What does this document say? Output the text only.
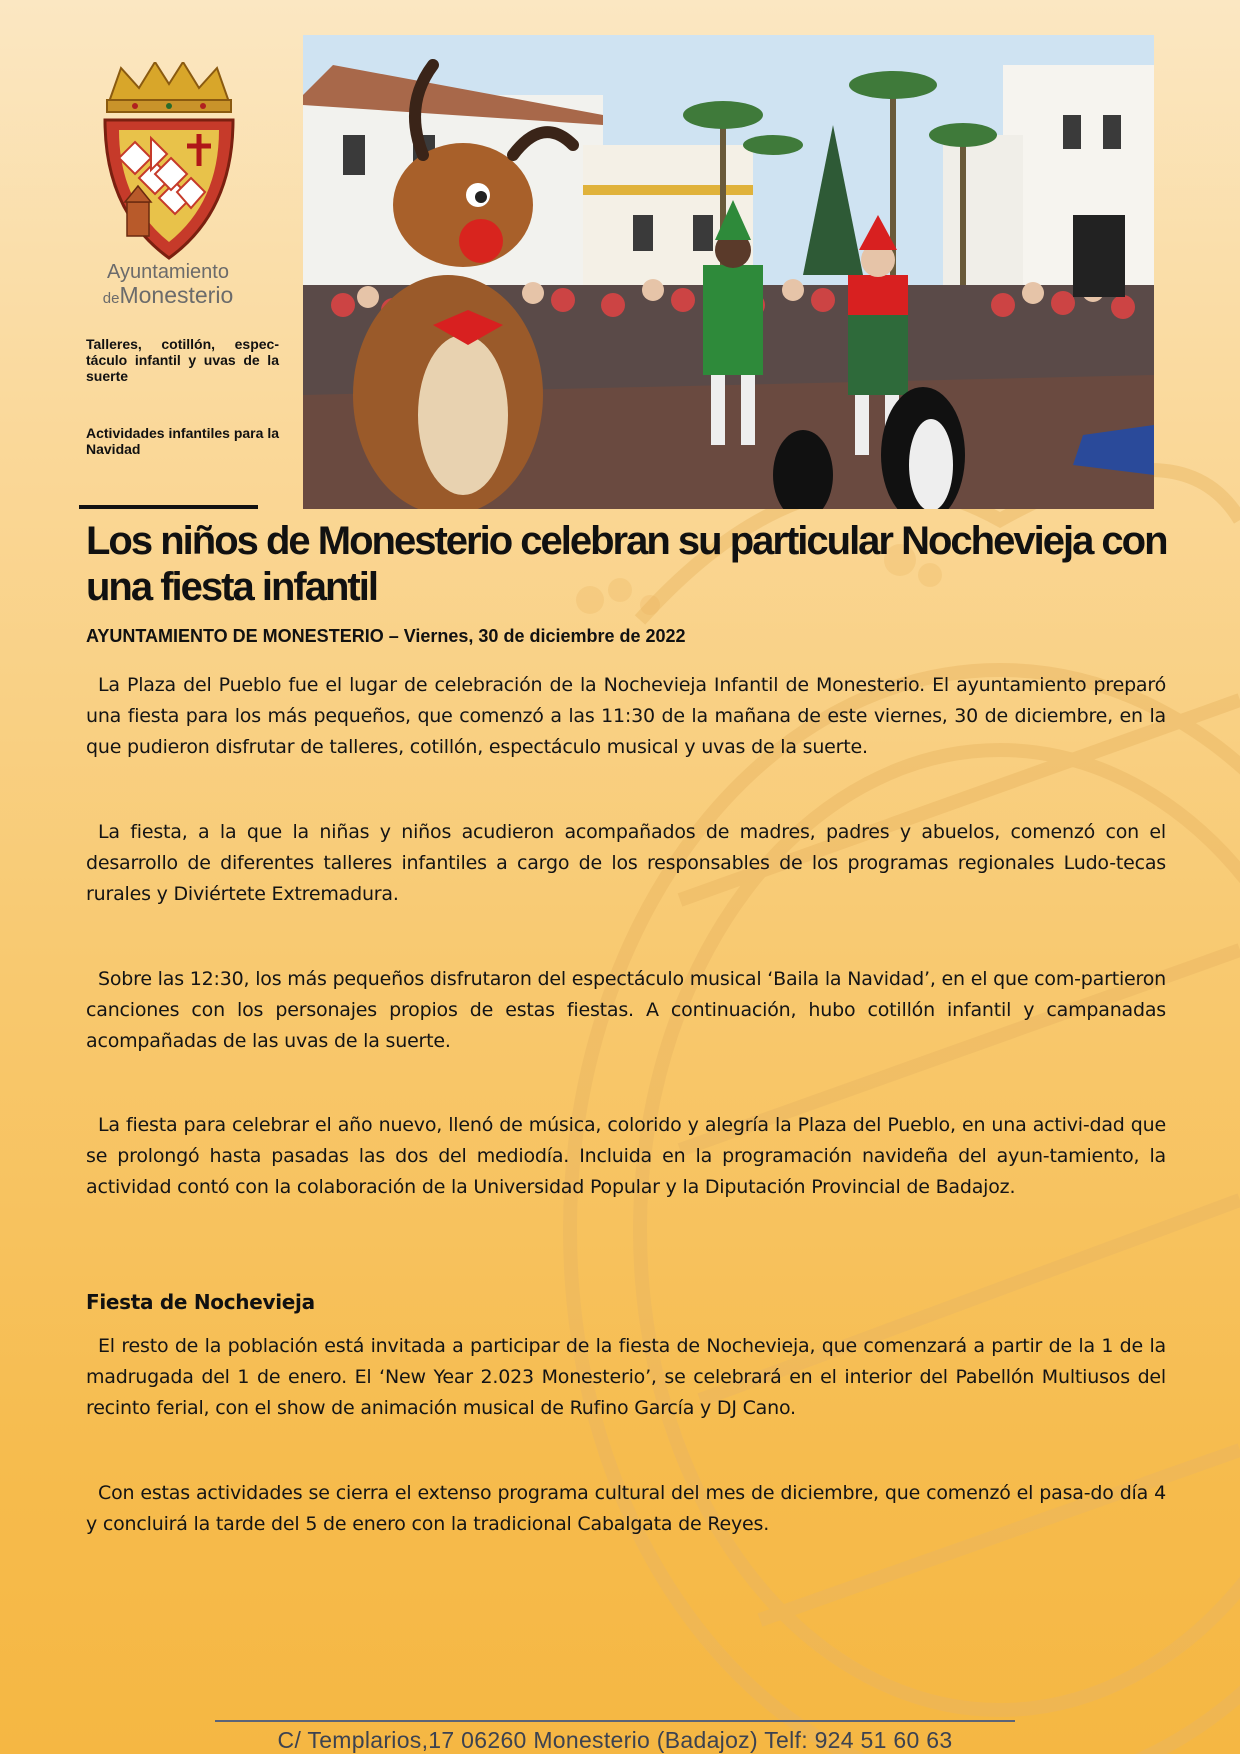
Ayuntamiento
deMonesterio
Talleres, cotillón, espec-táculo infantil y uvas de la suerte
Actividades infantiles para la Navidad
Los niños de Monesterio celebran su particular Nochevieja con una fiesta infantil
AYUNTAMIENTO DE MONESTERIO – Viernes, 30 de diciembre de 2022

La Plaza del Pueblo fue el lugar de celebración de la Nochevieja Infantil de Monesterio. El ayuntamiento preparó una fiesta para los más pequeños, que comenzó a las 11:30 de la mañana de este viernes, 30 de diciembre, en la que pudieron disfrutar de talleres, cotillón, espectáculo musical y uvas de la suerte.

La fiesta, a la que la niñas y niños acudieron acompañados de madres, padres y abuelos, comenzó con el desarrollo de diferentes talleres infantiles a cargo de los responsables de los programas regionales Ludo-tecas rurales y Diviértete Extremadura.

Sobre las 12:30, los más pequeños disfrutaron del espectáculo musical ‘Baila la Navidad’, en el que com-partieron canciones con los personajes propios de estas fiestas. A continuación, hubo cotillón infantil y campanadas acompañadas de las uvas de la suerte.

La fiesta para celebrar el año nuevo, llenó de música, colorido y alegría la Plaza del Pueblo, en una activi-dad que se prolongó hasta pasadas las dos del mediodía. Incluida en la programación navideña del ayun-tamiento, la actividad contó con la colaboración de la Universidad Popular y la Diputación Provincial de Badajoz.

Fiesta de Nochevieja

El resto de la población está invitada a participar de la fiesta de Nochevieja, que comenzará a partir de la 1 de la madrugada del 1 de enero. El ‘New Year 2.023 Monesterio’, se celebrará en el interior del Pabellón Multiusos del recinto ferial, con el show de animación musical de Rufino García y DJ Cano.

Con estas actividades se cierra el extenso programa cultural del mes de diciembre, que comenzó el pasa-do día 4 y concluirá la tarde del 5 de enero con la tradicional Cabalgata de Reyes.

C/ Templarios,17 06260 Monesterio (Badajoz) Telf: 924 51 60 63
